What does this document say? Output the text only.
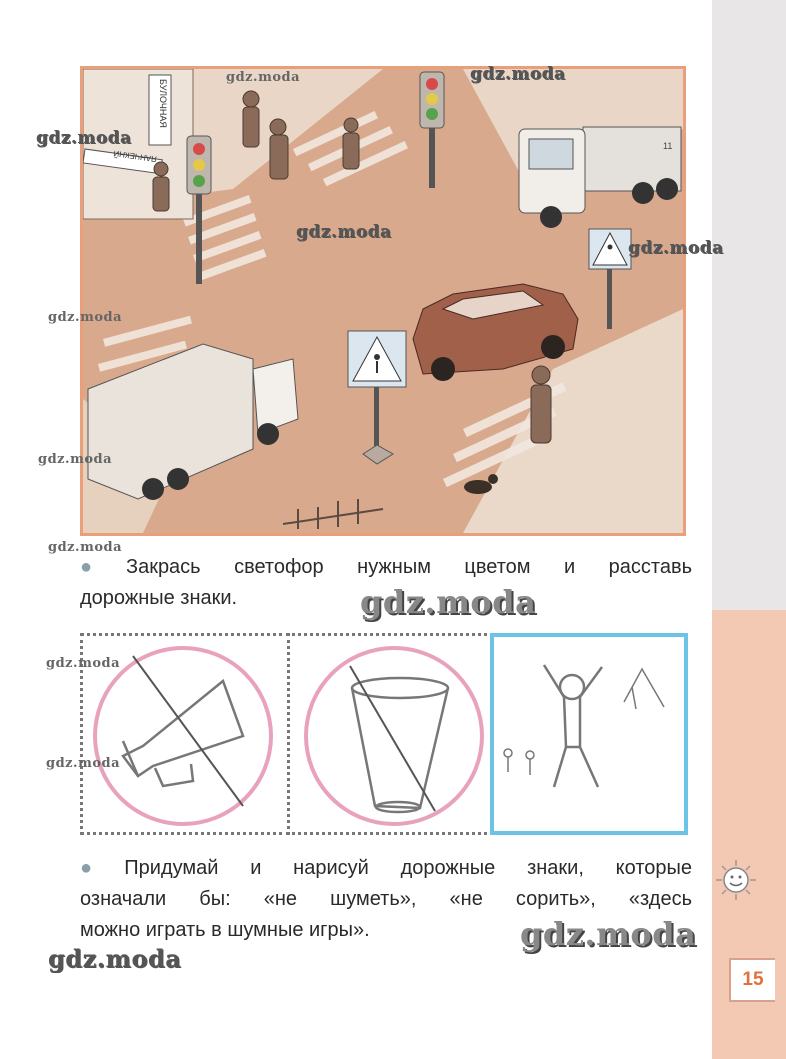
15
БУЛОЧНАЯ
ЯАНЧЕКНЙ
11
● Закрась светофор нужным цветом и расставь
дорожные знаки.
● Придумай и нарисуй дорожные знаки, которые
означали бы: «не шуметь», «не сорить», «здесь
можно играть в шумные игры».
gdz.moda	gdz.moda
gdz.moda
gdz.moda
gdz.moda
gdz.moda
gdz.moda
gdz.moda
gdz.moda
gdz.moda
gdz.moda
gdz.moda
gdz.moda
